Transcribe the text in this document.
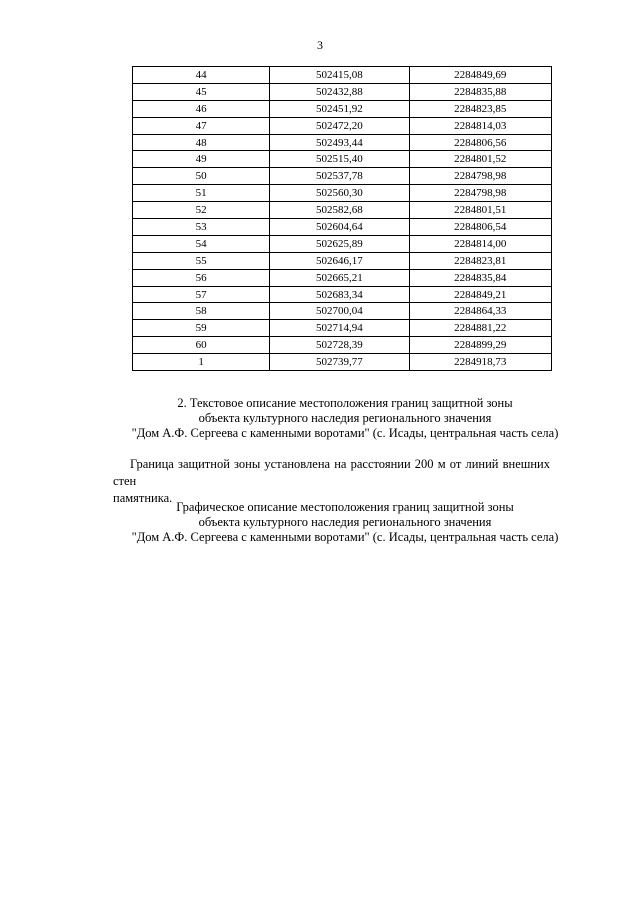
3
44	502415,08	2284849,69
45	502432,88	2284835,88
46	502451,92	2284823,85
47	502472,20	2284814,03
48	502493,44	2284806,56
49	502515,40	2284801,52
50	502537,78	2284798,98
51	502560,30	2284798,98
52	502582,68	2284801,51
53	502604,64	2284806,54
54	502625,89	2284814,00
55	502646,17	2284823,81
56	502665,21	2284835,84
57	502683,34	2284849,21
58	502700,04	2284864,33
59	502714,94	2284881,22
60	502728,39	2284899,29
1	502739,77	2284918,73
2. Текстовое описание местоположения границ защитной зоны
объекта культурного наследия регионального значения
"Дом А.Ф. Сергеева с каменными воротами" (с. Исады, центральная часть села)
Граница защитной зоны установлена на расстоянии 200 м от линий внешних стен
памятника.
Графическое описание местоположения границ защитной зоны
объекта культурного наследия регионального значения
"Дом А.Ф. Сергеева с каменными воротами" (с. Исады, центральная часть села)
